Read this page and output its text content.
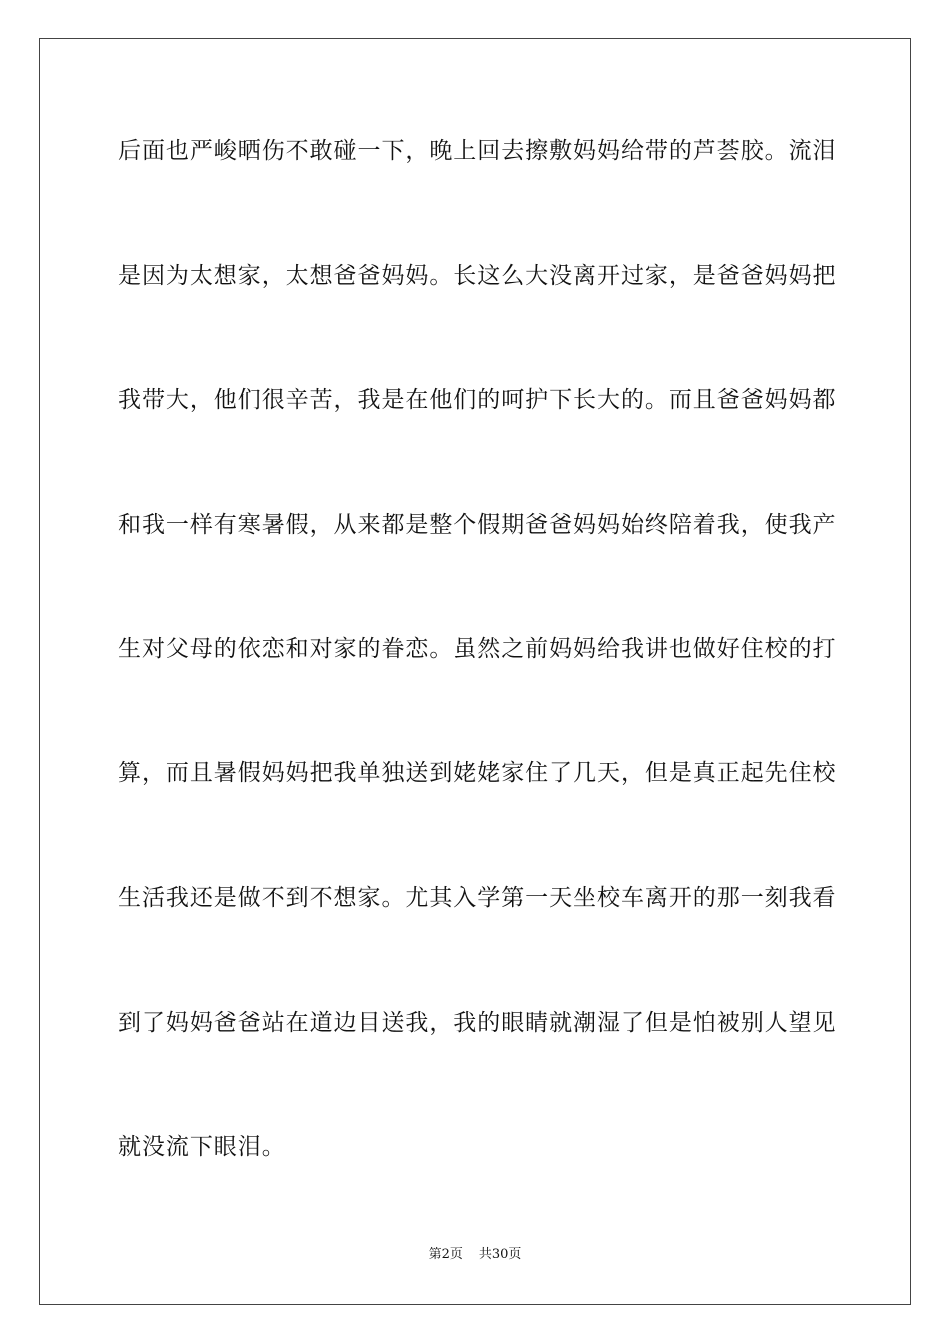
后面也严峻晒伤不敢碰一下，晚上回去擦敷妈妈给带的芦荟胶。流泪
是因为太想家，太想爸爸妈妈。长这么大没离开过家，是爸爸妈妈把
我带大，他们很辛苦，我是在他们的呵护下长大的。而且爸爸妈妈都
和我一样有寒暑假，从来都是整个假期爸爸妈妈始终陪着我，使我产
生对父母的依恋和对家的眷恋。虽然之前妈妈给我讲也做好住校的打
算，而且暑假妈妈把我单独送到姥姥家住了几天，但是真正起先住校
生活我还是做不到不想家。尤其入学第一天坐校车离开的那一刻我看
到了妈妈爸爸站在道边目送我，我的眼睛就潮湿了但是怕被别人望见
就没流下眼泪。
第2页 共30页
